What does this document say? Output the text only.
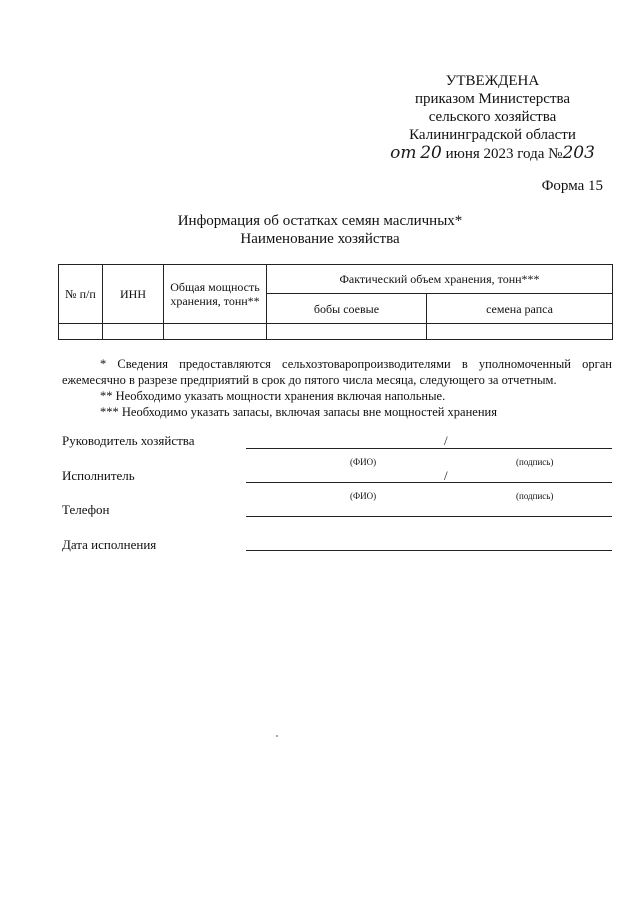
УТВЕЖДЕНА
приказом Министерства
сельского хозяйства
Калининградской области
от 20 июня 2023 года №203
Форма 15
Информация об остатках семян масличных*
Наименование хозяйства
№ п/п	ИНН	Общая мощность хранения, тонн**	Фактический объем хранения, тонн***	
			бобы соевые	семена рапса

* Сведения предоставляются сельхозтоваропроизводителями в уполномоченный орган ежемесячно в разрезе предприятий в срок до пятого числа месяца, следующего за отчетным.

** Необходимо указать мощности хранения включая напольные.

*** Необходимо указать запасы, включая запасы вне мощностей хранения

Руководитель хозяйства	/
(ФИО)	(подпись)
Исполнитель	/
(ФИО)	(подпись)
Телефон
Дата исполнения
